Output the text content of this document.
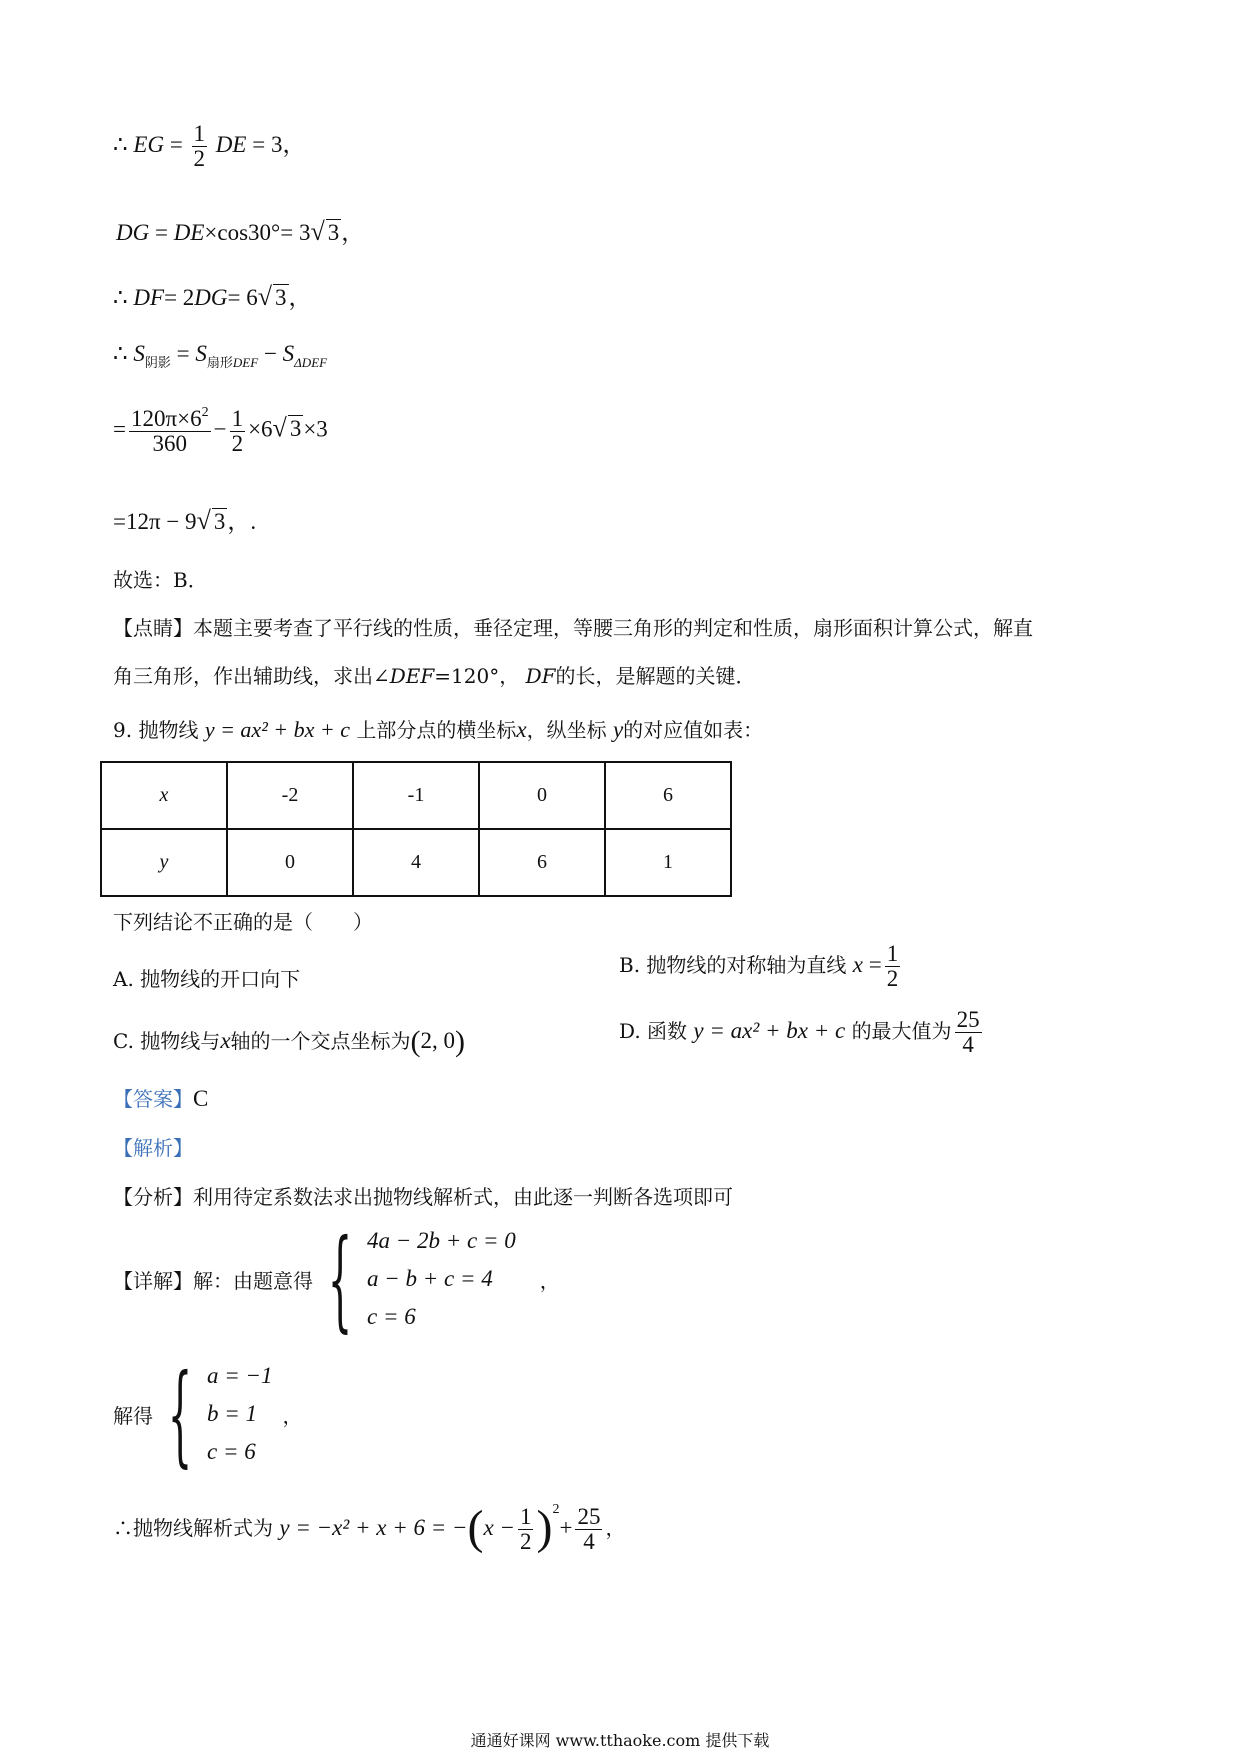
∴ EG = $\frac{1}{2}$ DE = 3，
DG = DE×cos30°= 3√ 3，
∴ DF= 2DG= 6√ 3，
∴ $S_{阴影} = S_{扇形DEF} - S_{\Delta DEF}$
= $\frac{120\pi\times 6^2}{360} - \frac{1}{2} \times 6√$ 3×3
=12π − 9√ 3，.
故选：B．
【点睛】本题主要考查了平行线的性质，垂径定理，等腰三角形的判定和性质，扇形面积计算公式，解直
角三角形，作出辅助线，求出∠DEF=120°， DF的长，是解题的关键．
9. 抛物线 y = ax² + bx + c 上部分点的横坐标x，纵坐标 y的对应值如表：
x	-2	-1	0	6
y	0	4	6	1
下列结论不正确的是（　　）
A. 抛物线的开口向下
B. 抛物线的对称轴为直线 $x = \frac{1}{2}$
C. 抛物线与x轴的一个交点坐标为(2, 0)	D. 函数 y = ax² + bx + c 的最大值为 $\frac{25}{4}$
【答案】C
【解析】
【分析】利用待定系数法求出抛物线解析式，由此逐一判断各选项即可
【详解】解：由题意得 { 4a − 2b + c = 0
a − b + c = 4
c = 6
，
解得 { a = −1
b = 1
c = 6
，
∴抛物线解析式为 $y = -x^2 + x + 6 = -(x - \frac{1}{2} )^2+ \frac{25}{4}$ ，
通通好课网 www.tthaoke.com 提供下载
